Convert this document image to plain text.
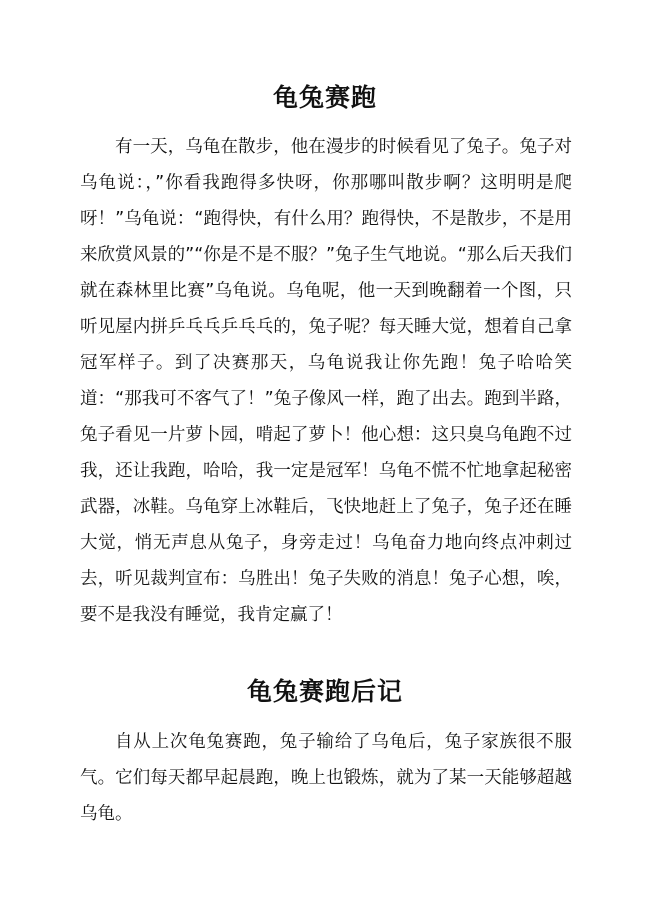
龟兔赛跑

有一天，乌龟在散步，他在漫步的时候看见了兔子。兔子对乌龟说：，”你看我跑得多快呀，你那哪叫散步啊？这明明是爬呀！”乌龟说：“跑得快，有什么用？跑得快，不是散步，不是用来欣赏风景的”“你是不是不服？”兔子生气地说。“那么后天我们就在森林里比赛”乌龟说。乌龟呢，他一天到晚翻着一个图，只听见屋内拼乒乓乓乒乓乓的，兔子呢？每天睡大觉，想着自己拿冠军样子。到了决赛那天，乌龟说我让你先跑！兔子哈哈笑道：“那我可不客气了！”兔子像风一样，跑了出去。跑到半路，兔子看见一片萝卜园，啃起了萝卜！他心想：这只臭乌龟跑不过我，还让我跑，哈哈，我一定是冠军！乌龟不慌不忙地拿起秘密武器，冰鞋。乌龟穿上冰鞋后，飞快地赶上了兔子，兔子还在睡大觉，悄无声息从兔子，身旁走过！乌龟奋力地向终点冲刺过去，听见裁判宣布：乌胜出！兔子失败的消息！兔子心想，唉，要不是我没有睡觉，我肯定赢了！

龟兔赛跑后记

自从上次龟兔赛跑，兔子输给了乌龟后，兔子家族很不服气。它们每天都早起晨跑，晚上也锻炼，就为了某一天能够超越乌龟。
